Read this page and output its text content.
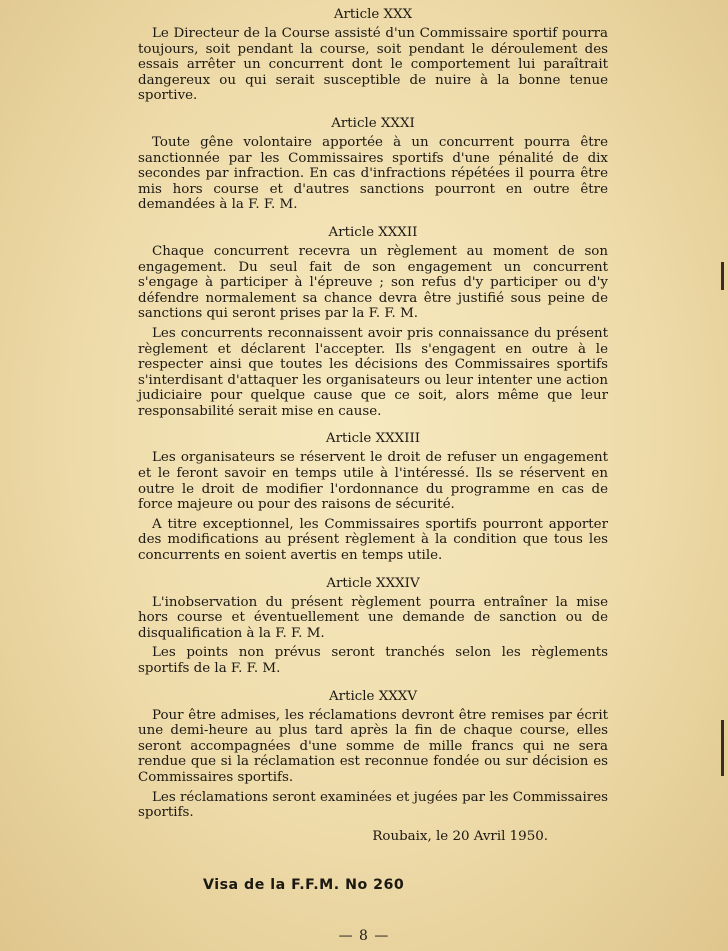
Article XXX

Le Directeur de la Course assisté d'un Commissaire sportif pourra toujours, soit pendant la course, soit pendant le déroulement des essais arrêter un concurrent dont le comportement lui paraîtrait dangereux ou qui serait susceptible de nuire à la bonne tenue sportive.

Article XXXI

Toute gêne volontaire apportée à un concurrent pourra être sanctionnée par les Commissaires sportifs d'une pénalité de dix secondes par infraction. En cas d'infractions répétées il pourra être mis hors course et d'autres sanctions pourront en outre être demandées à la F. F. M.

Article XXXII

Chaque concurrent recevra un règlement au moment de son engagement. Du seul fait de son engagement un concurrent s'engage à participer à l'épreuve ; son refus d'y participer ou d'y défendre normalement sa chance devra être justifié sous peine de sanctions qui seront prises par la F. F. M.

Les concurrents reconnaissent avoir pris connaissance du présent règlement et déclarent l'accepter. Ils s'engagent en outre à le respecter ainsi que toutes les décisions des Commissaires sportifs s'interdisant d'attaquer les organisateurs ou leur intenter une action judiciaire pour quelque cause que ce soit, alors même que leur responsabilité serait mise en cause.

Article XXXIII

Les organisateurs se réservent le droit de refuser un engagement et le feront savoir en temps utile à l'intéressé. Ils se réservent en outre le droit de modifier l'ordonnance du programme en cas de force majeure ou pour des raisons de sécurité.

A titre exceptionnel, les Commissaires sportifs pourront apporter des modifications au présent règlement à la condition que tous les concurrents en soient avertis en temps utile.

Article XXXIV

L'inobservation du présent règlement pourra entraîner la mise hors course et éventuellement une demande de sanction ou de disqualification à la F. F. M.

Les points non prévus seront tranchés selon les règlements sportifs de la F. F. M.

Article XXXV

Pour être admises, les réclamations devront être remises par écrit une demi-heure au plus tard après la fin de chaque course, elles seront accompagnées d'une somme de mille francs qui ne sera rendue que si la réclamation est reconnue fondée ou sur décision es Commissaires sportifs.

Les réclamations seront examinées et jugées par les Commissaires sportifs.

Roubaix, le 20 Avril 1950.
Visa de la F.F.M. No 260
— 8 —
